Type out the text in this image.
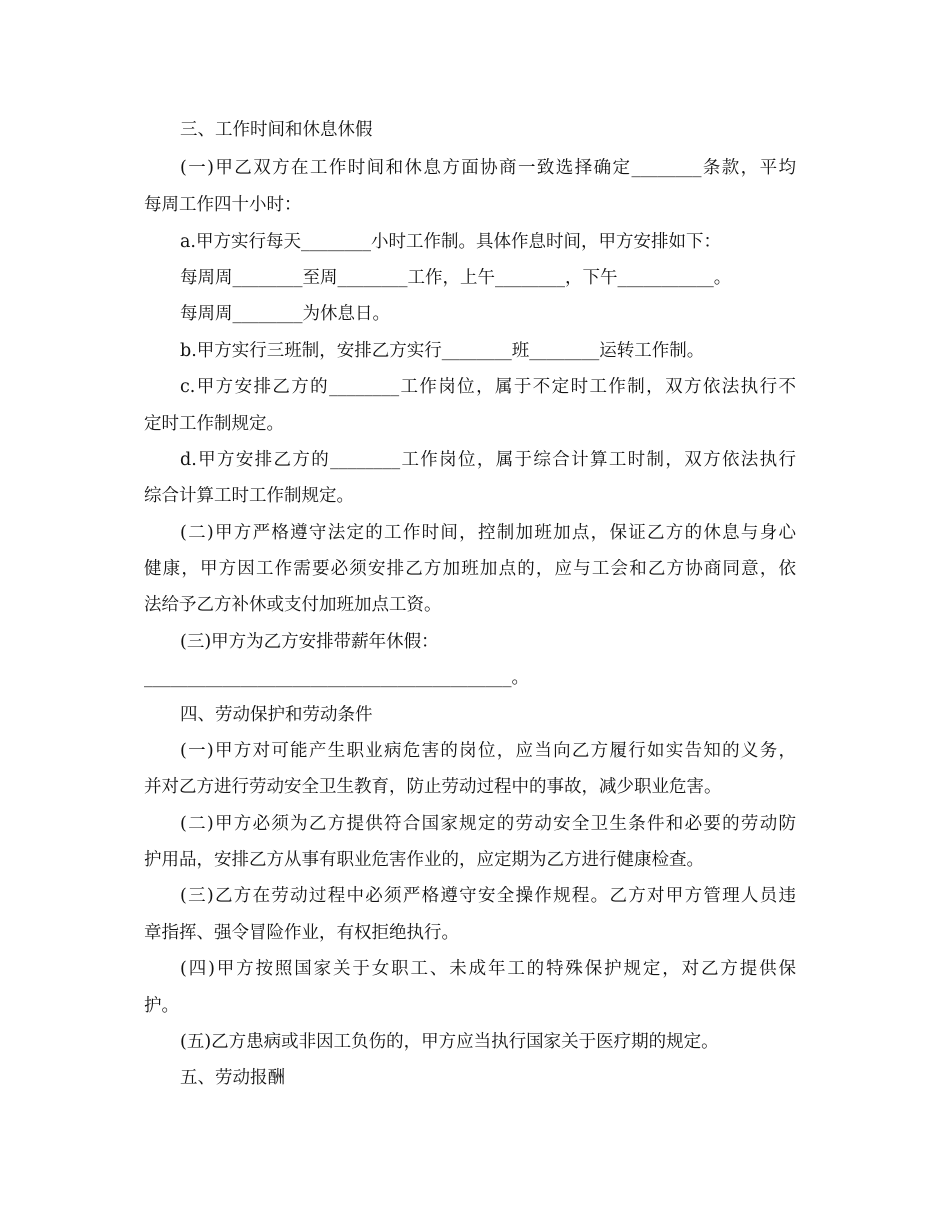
三、工作时间和休息休假
(一)甲乙双方在工作时间和休息方面协商一致选择确定________条款，平均
每周工作四十小时：
a.甲方实行每天________小时工作制。具体作息时间，甲方安排如下：
每周周________至周________工作，上午________，下午___________。
每周周________为休息日。
b.甲方实行三班制，安排乙方实行________班________运转工作制。
c.甲方安排乙方的________工作岗位，属于不定时工作制，双方依法执行不
定时工作制规定。
d.甲方安排乙方的________工作岗位，属于综合计算工时制，双方依法执行
综合计算工时工作制规定。
(二)甲方严格遵守法定的工作时间，控制加班加点，保证乙方的休息与身心
健康，甲方因工作需要必须安排乙方加班加点的，应与工会和乙方协商同意，依
法给予乙方补休或支付加班加点工资。
(三)甲方为乙方安排带薪年休假：
__________________________________________。
四、劳动保护和劳动条件
(一)甲方对可能产生职业病危害的岗位，应当向乙方履行如实告知的义务，
并对乙方进行劳动安全卫生教育，防止劳动过程中的事故，减少职业危害。
(二)甲方必须为乙方提供符合国家规定的劳动安全卫生条件和必要的劳动防
护用品，安排乙方从事有职业危害作业的，应定期为乙方进行健康检查。
(三)乙方在劳动过程中必须严格遵守安全操作规程。乙方对甲方管理人员违
章指挥、强令冒险作业，有权拒绝执行。
(四)甲方按照国家关于女职工、未成年工的特殊保护规定，对乙方提供保
护。
(五)乙方患病或非因工负伤的，甲方应当执行国家关于医疗期的规定。
五、劳动报酬
